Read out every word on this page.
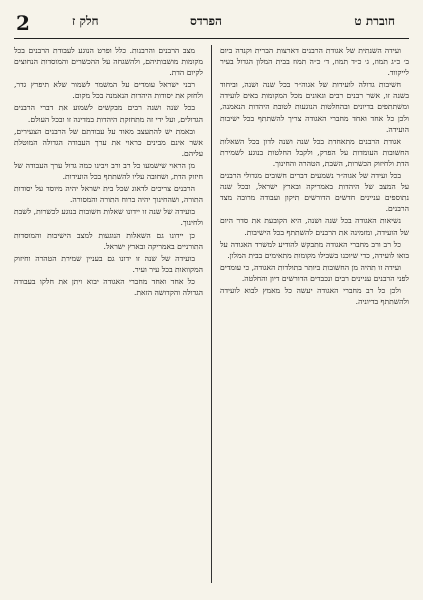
2	חלק ז	הפרדס	חוברת ט

ועידה השנתית של אגודת הרבנים דארצות הברית וקנדה ביום ב׳ כ״ג תמוז, ג׳ כ״ד תמוז, ד׳ כ״ה תמוז בבית המלון הגדול בעיר לייקווד.

חשיבות גדולה לועידות של אגוה״ר בכל שנה ושנה, וביחוד בשנה זו, אשר רבנים רבים וגאונים מכל המקומות באים לועידה ומשתתפים בדיונים ובהחלטות הנוגעות לטובת היהדות הנאמנה, ולכן כל אחד ואחד מחברי האגודה צריך להשתתף בכל ישיבות הועידה.

אגודת הרבנים מתאחדת בכל שנה ושנה לדון בכל השאלות החשובות העומדות על הפרק, ולקבל החלטות בנוגע לשמירת הדת ולחיזוק הכשרות, השבת, הטהרה והחינוך.

בכל ועידה של אגוה״ר נשמעים דברים חשובים מגדולי הרבנים על המצב של היהדות באמריקה ובארץ ישראל, ובכל שנה נתוספים עניינים חדשים הדורשים תיקון ועבודה מרובה מצד הרבנים.

נשיאות האגודה בכל שנה ושנה, היא הקובעת את סדר היום של הועידה, ומזמינה את הרבנים להשתתף בכל הישיבות.

כל רב ורב מחברי האגודה מתבקש להודיע למשרד האגודה על בואו לועידה, כדי שיוכנו בשבילו מקומות מתאימים בבית המלון.

ועידה זו תהיה מן החשובות ביותר בתולדות האגודה, כי עומדים לפני הרבנים עניינים רבים ונכבדים הדורשים דיון והחלטה.

ולכן כל רב מחברי האגודה יעשה כל מאמץ לבוא לועידה ולהשתתף בדיוניה.

מצב הרבנים והרבנות. כלל ופרט הנוגע לעבודת הרבנים בכל מקומות מושבותיהם, ולהשגחה על ההכשרים והמוסדות הנחוצים לקיום הדת.

רבני ישראל עומדים על המשמר לשמור שלא תיפרץ גדר, ולחזק את יסודות היהדות הנאמנה בכל מקום.

בכל שנה ושנה רבים מבקשים לשמוע את דברי הרבנים הגדולים, ועל ידי זה מתחזקת היהדות במדינה זו ובכל העולם.

ובאמת יש להתעצב מאוד על עבודתם של הרבנים הצעירים, אשר אינם מבינים כראוי את ערך העבודה הגדולה המוטלת עליהם.

מן הראוי שישמעו כל רב ורב ויבינו כמה גדול ערך העבודה של חיזוק הדת, ושחובה עליו להשתתף בכל הועידות.

הרבנים צריכים לדאוג שכל בית ישראל יהיה מיוסד על יסודות התורה, ושהחינוך יהיה ברוח התורה והמסורה.

בועידה של שנה זו יידונו שאלות חשובות בנוגע לכשרות, לשבת ולחינוך.

כן יידונו גם השאלות הנוגעות למצב הישיבות והמוסדות התורניים באמריקה ובארץ ישראל.

בועידה של שנה זו ידונו גם בעניין שמירת הטהרה וחיזוק המקוואות בכל עיר ועיר.

כל אחד ואחד מחברי האגודה יבוא ויתן את חלקו בעבודה הגדולה והקדושה הזאת.
